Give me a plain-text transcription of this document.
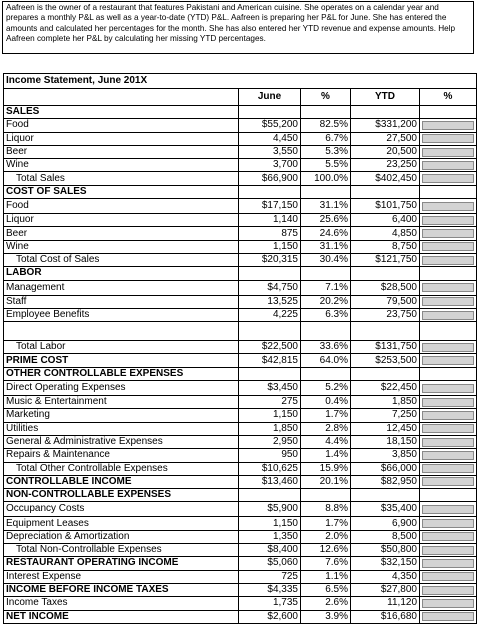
Aafreen is the owner of a restaurant that features Pakistani and American cuisine. She operates on a calendar year and prepares a monthly P&L as well as a year-to-date (YTD) P&L. Aafreen is preparing her P&L for June. She has entered the amounts and calculated her percentages for the month. She has also entered her YTD revenue and expense amounts. Help Aafreen complete her P&L by calculating her missing YTD percentages.
Income Statement, June 201X				
	June	%	YTD	%
SALES				
Food	$55,200	82.5%	$331,200	

Liquor	4,450	6.7%	27,500	

Beer	3,550	5.3%	20,500	

Wine	3,700	5.5%	23,250	

Total Sales	$66,900	100.0%	$402,450	

COST OF SALES				
Food	$17,150	31.1%	$101,750	

Liquor	1,140	25.6%	6,400	

Beer	875	24.6%	4,850	

Wine	1,150	31.1%	8,750	

Total Cost of Sales	$20,315	30.4%	$121,750	

LABOR				
Management	$4,750	7.1%	$28,500	

Staff	13,525	20.2%	79,500	

Employee Benefits	4,225	6.3%	23,750	

Total Labor	$22,500	33.6%	$131,750	

PRIME COST	$42,815	64.0%	$253,500	

OTHER CONTROLLABLE EXPENSES				
Direct Operating Expenses	$3,450	5.2%	$22,450	

Music & Entertainment	275	0.4%	1,850	

Marketing	1,150	1.7%	7,250	

Utilities	1,850	2.8%	12,450	

General & Administrative Expenses	2,950	4.4%	18,150	

Repairs & Maintenance	950	1.4%	3,850	

Total Other Controllable Expenses	$10,625	15.9%	$66,000	

CONTROLLABLE INCOME	$13,460	20.1%	$82,950	

NON-CONTROLLABLE EXPENSES				
Occupancy Costs	$5,900	8.8%	$35,400	

Equipment Leases	1,150	1.7%	6,900	

Depreciation & Amortization	1,350	2.0%	8,500	

Total Non-Controllable Expenses	$8,400	12.6%	$50,800	

RESTAURANT OPERATING INCOME	$5,060	7.6%	$32,150	

Interest Expense	725	1.1%	4,350	

INCOME BEFORE INCOME TAXES	$4,335	6.5%	$27,800	

Income Taxes	1,735	2.6%	11,120	

NET INCOME	$2,600	3.9%	$16,680	
